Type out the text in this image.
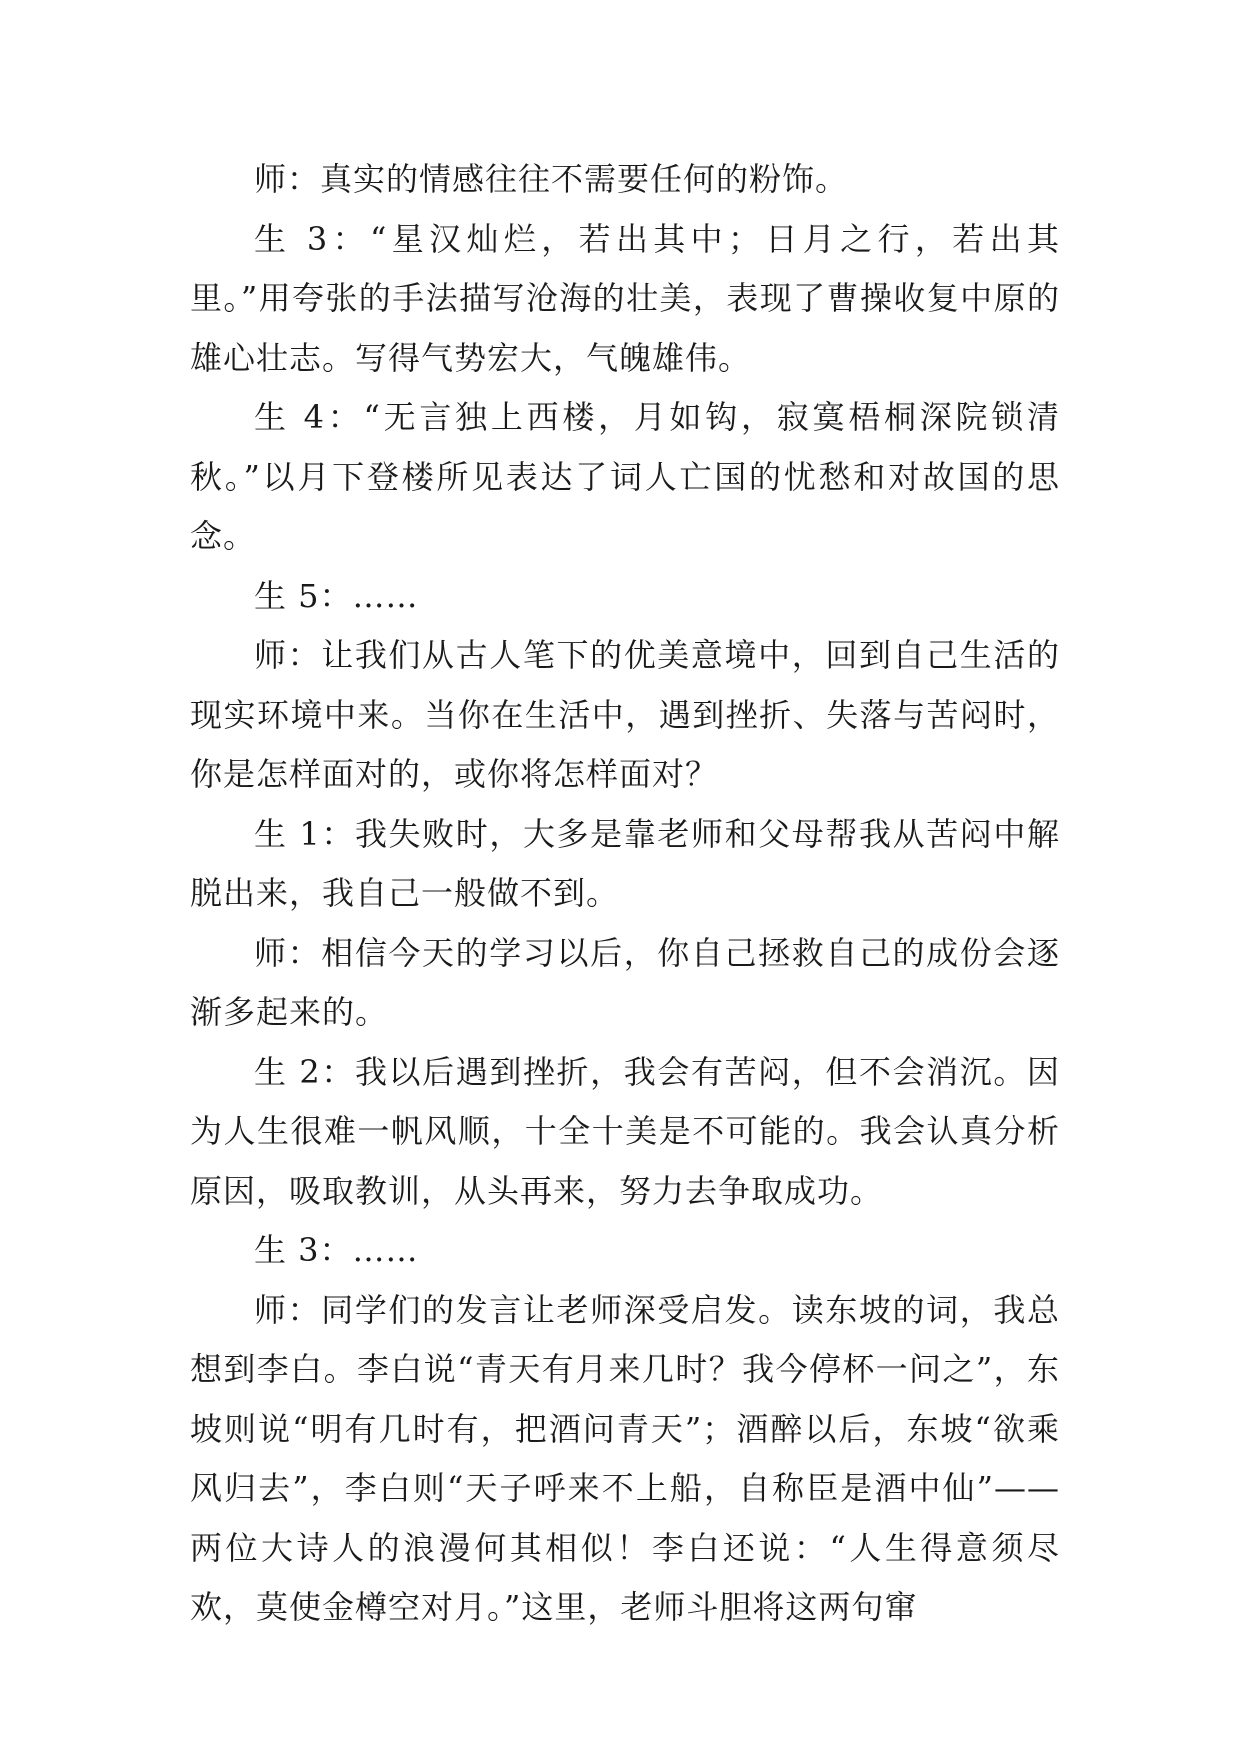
师：真实的情感往往不需要任何的粉饰。

生 3：“星汉灿烂，若出其中；日月之行，若出其里。”用夸张的手法描写沧海的壮美，表现了曹操收复中原的雄心壮志。写得气势宏大，气魄雄伟。

生 4：“无言独上西楼，月如钩，寂寞梧桐深院锁清秋。”以月下登楼所见表达了词人亡国的忧愁和对故国的思念。

生 5：……

师：让我们从古人笔下的优美意境中，回到自己生活的现实环境中来。当你在生活中，遇到挫折、失落与苦闷时，你是怎样面对的，或你将怎样面对？

生 1：我失败时，大多是靠老师和父母帮我从苦闷中解脱出来，我自己一般做不到。

师：相信今天的学习以后，你自己拯救自己的成份会逐渐多起来的。

生 2：我以后遇到挫折，我会有苦闷，但不会消沉。因为人生很难一帆风顺，十全十美是不可能的。我会认真分析原因，吸取教训，从头再来，努力去争取成功。

生 3：……

师：同学们的发言让老师深受启发。读东坡的词，我总想到李白。李白说“青天有月来几时？我今停杯一问之”，东坡则说“明有几时有，把酒问青天”；酒醉以后，东坡“欲乘风归去”，李白则“天子呼来不上船，自称臣是酒中仙”——两位大诗人的浪漫何其相似！李白还说：“人生得意须尽欢，莫使金樽空对月。”这里，老师斗胆将这两句窜
